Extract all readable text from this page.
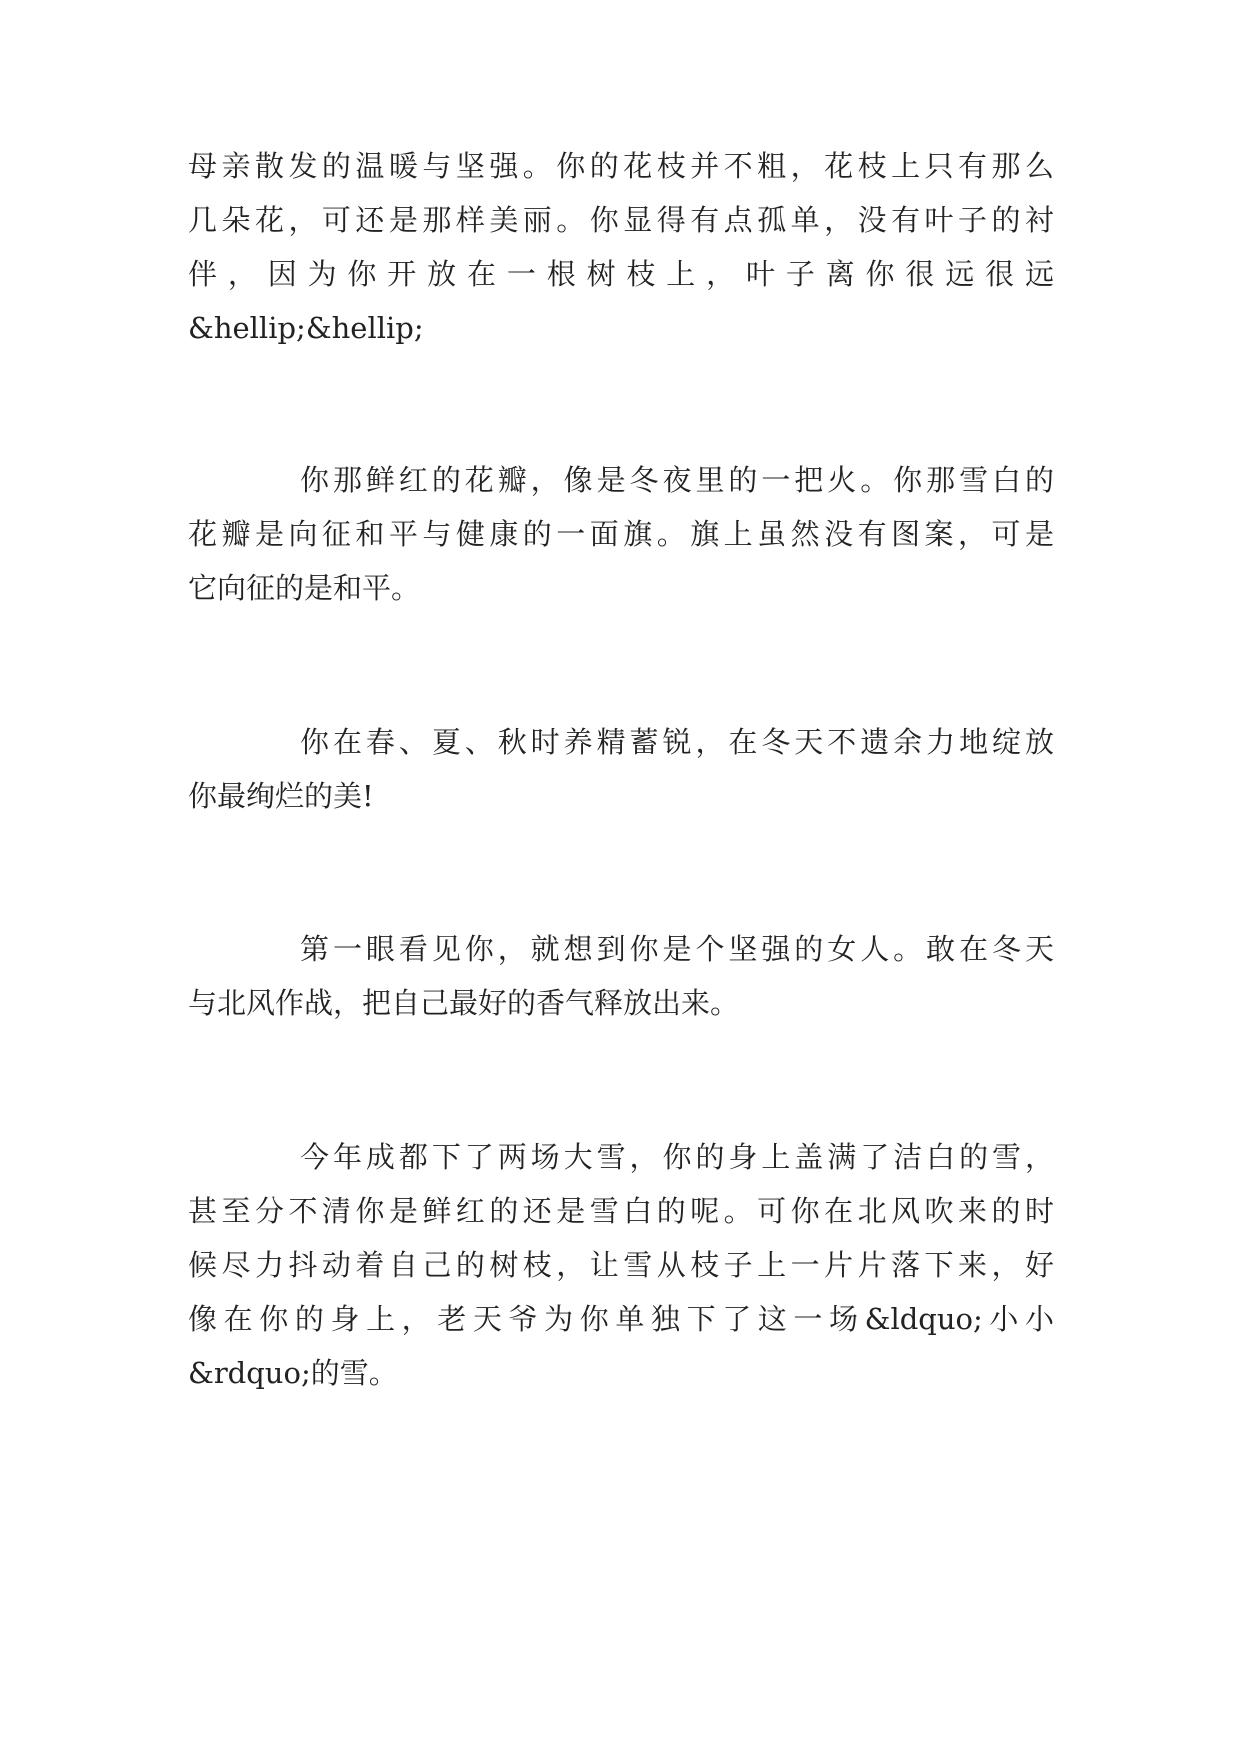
母亲散发的温暖与坚强。你的花枝并不粗，花枝上只有那么
几朵花，可还是那样美丽。你显得有点孤单，没有叶子的衬
伴，因为你开放在一根树枝上，叶子离你很远很远
&hellip;&hellip;
你那鲜红的花瓣，像是冬夜里的一把火。你那雪白的
花瓣是向征和平与健康的一面旗。旗上虽然没有图案，可是
它向征的是和平。
你在春、夏、秋时养精蓄锐，在冬天不遗余力地绽放
你最绚烂的美!
第一眼看见你，就想到你是个坚强的女人。敢在冬天
与北风作战，把自己最好的香气释放出来。
今年成都下了两场大雪，你的身上盖满了洁白的雪，
甚至分不清你是鲜红的还是雪白的呢。可你在北风吹来的时
候尽力抖动着自己的树枝，让雪从枝子上一片片落下来，好
像在你的身上，老天爷为你单独下了这一场&ldquo;小小
&rdquo;的雪。
